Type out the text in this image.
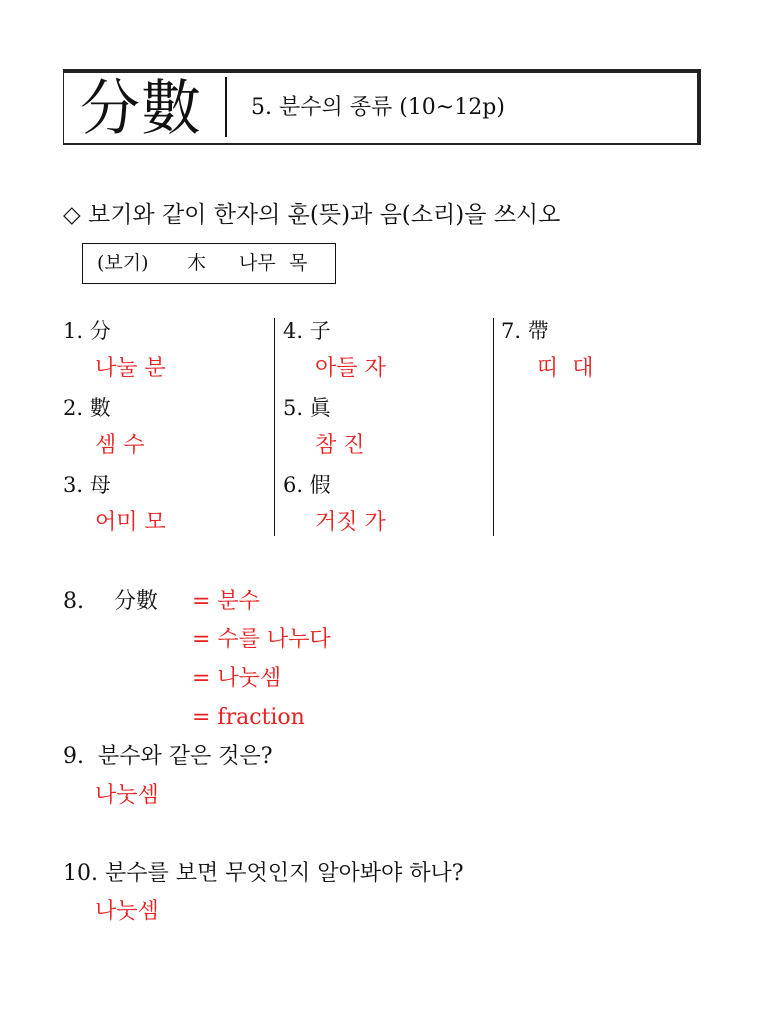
分數 5. 분수의 종류 (10~12p)
◇ 보기와 같이 한자의 훈(뜻)과 음(소리)을 쓰시오
(보기) 木 나무 목
1. 分
나눌 분
2. 數
셈 수
3. 母
어미 모
4. 子
아들 자
5. 眞
참 진
6. 假
거짓 가
7. 帶
띠  대
8. 分數 = 분수
= 수를 나누다
= 나눗셈
= fraction
9.  분수와 같은 것은?
나눗셈
10. 분수를 보면 무엇인지 알아봐야 하나?
나눗셈
